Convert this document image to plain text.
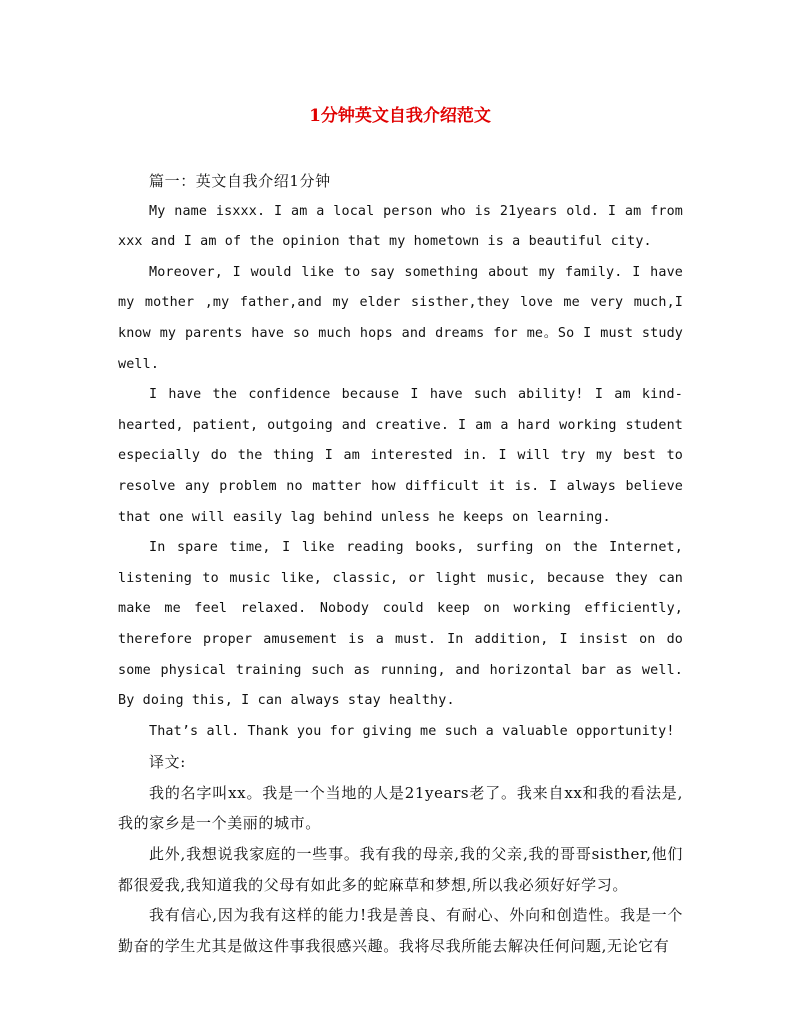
1分钟英文自我介绍范文

篇一：英文自我介绍1分钟

My name isxxx. I am a local person who is 21years old. I am from xxx and I am of the opinion that my hometown is a beautiful city.

Moreover, I would like to say something about my family. I have my mother ,my father,and my elder sisther,they love me very much,I know my parents have so much hops and dreams for me。So I must study well.

I have the confidence because I have such ability! I am kind-hearted, patient, outgoing and creative. I am a hard working student especially do the thing I am interested in. I will try my best to resolve any problem no matter how difficult it is. I always believe that one will easily lag behind unless he keeps on learning.

In spare time, I like reading books, surfing on the Internet, listening to music like, classic, or light music, because they can make me feel relaxed. Nobody could keep on working efficiently, therefore proper amusement is a must. In addition, I insist on do some physical training such as running, and horizontal bar as well. By doing this, I can always stay healthy.

That’s all. Thank you for giving me such a valuable opportunity!

译文:

我的名字叫xx。我是一个当地的人是21years老了。我来自xx和我的看法是,我的家乡是一个美丽的城市。

此外,我想说我家庭的一些事。我有我的母亲,我的父亲,我的哥哥sisther,他们都很爱我,我知道我的父母有如此多的蛇麻草和梦想,所以我必须好好学习。

我有信心,因为我有这样的能力!我是善良、有耐心、外向和创造性。我是一个勤奋的学生尤其是做这件事我很感兴趣。我将尽我所能去解决任何问题,无论它有
